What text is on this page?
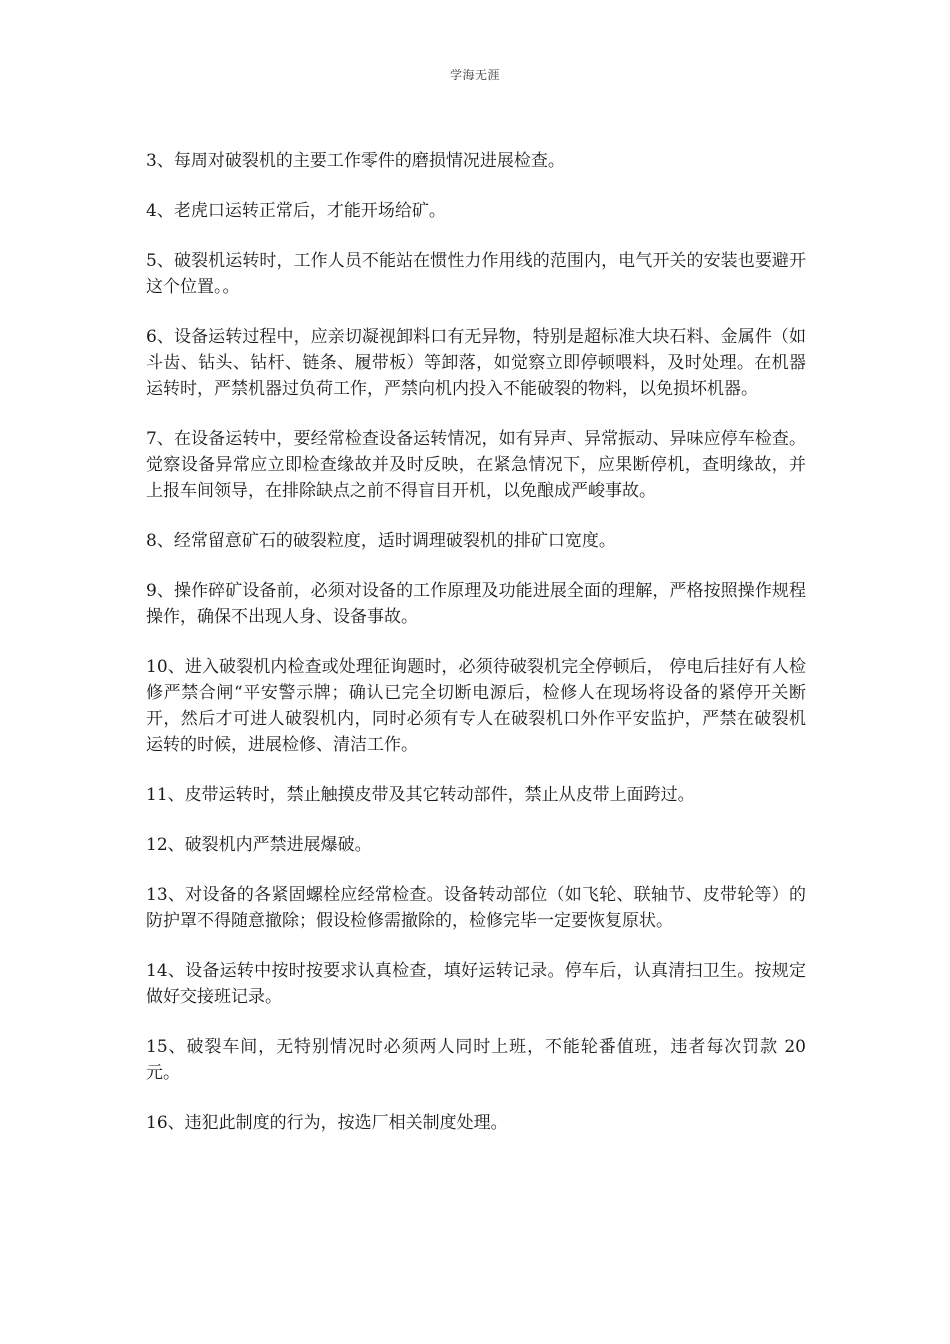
学海无涯

3、每周对破裂机的主要工作零件的磨损情况进展检查。

4、老虎口运转正常后，才能开场给矿。

5、破裂机运转时，工作人员不能站在惯性力作用线的范围内，电气开关的安装也要避开这个位置。。

6、设备运转过程中，应亲切凝视卸料口有无异物，特别是超标准大块石料、金属件（如斗齿、钻头、钻杆、链条、履带板）等卸落，如觉察立即停顿喂料，及时处理。在机器运转时，严禁机器过负荷工作，严禁向机内投入不能破裂的物料，以免损坏机器。

7、在设备运转中，要经常检查设备运转情况，如有异声、异常振动、异味应停车检查。觉察设备异常应立即检查缘故并及时反映，在紧急情况下，应果断停机，查明缘故，并上报车间领导，在排除缺点之前不得盲目开机，以免酿成严峻事故。

8、经常留意矿石的破裂粒度，适时调理破裂机的排矿口宽度。

9、操作碎矿设备前，必须对设备的工作原理及功能进展全面的理解，严格按照操作规程操作，确保不出现人身、设备事故。

10、进入破裂机内检查或处理征询题时，必须待破裂机完全停顿后， 停电后挂好有人检修严禁合闸“平安警示牌；确认已完全切断电源后，检修人在现场将设备的紧停开关断开，然后才可进人破裂机内，同时必须有专人在破裂机口外作平安监护，严禁在破裂机运转的时候，进展检修、清洁工作。

11、皮带运转时，禁止触摸皮带及其它转动部件，禁止从皮带上面跨过。

12、破裂机内严禁进展爆破。

13、对设备的各紧固螺栓应经常检查。设备转动部位（如飞轮、联轴节、皮带轮等）的防护罩不得随意撤除；假设检修需撤除的，检修完毕一定要恢复原状。

14、设备运转中按时按要求认真检查，填好运转记录。停车后，认真清扫卫生。按规定做好交接班记录。

15、破裂车间，无特别情况时必须两人同时上班，不能轮番值班，违者每次罚款 20 元。

16、违犯此制度的行为，按选厂相关制度处理。
